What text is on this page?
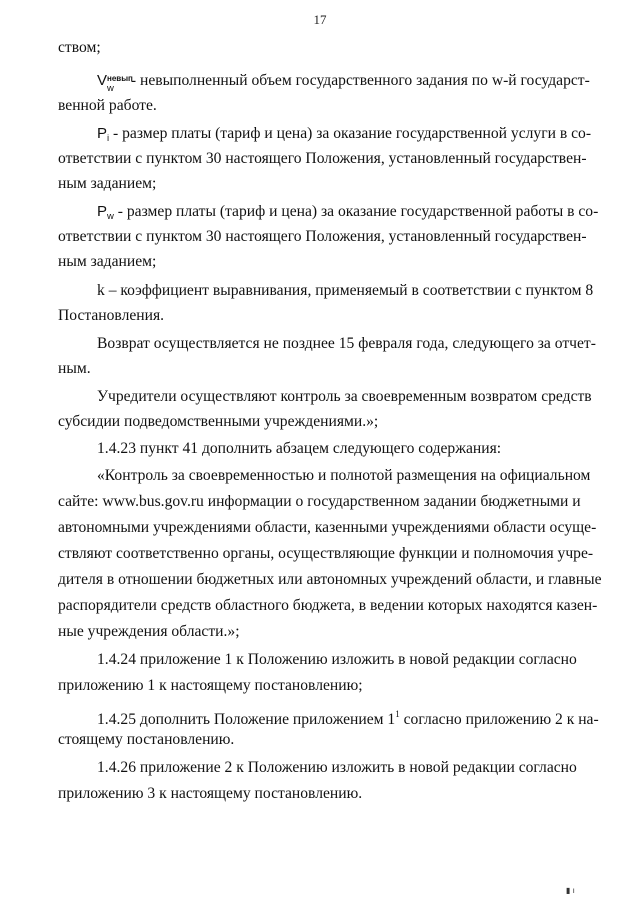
17
ством;
V невып
w - невыполненный объем государственного задания по w-й государст-
венной работе.
$P_i$ - размер платы (тариф и цена) за оказание государственной услуги в со-
ответствии с пунктом 30 настоящего Положения, установленный государствен-
ным заданием;
$P_w$ - размер платы (тариф и цена) за оказание государственной работы в со-
ответствии с пунктом 30 настоящего Положения, установленный государствен-
ным заданием;
k – коэффициент выравнивания, применяемый в соответствии с пунктом 8
Постановления.
Возврат осуществляется не позднее 15 февраля года, следующего за отчет-
ным.
Учредители осуществляют контроль за своевременным возвратом средств
субсидии подведомственными учреждениями.»;
1.4.23 пункт 41 дополнить абзацем следующего содержания:
«Контроль за своевременностью и полнотой размещения на официальном
сайте: www.bus.gov.ru информации о государственном задании бюджетными и
автономными учреждениями области, казенными учреждениями области осуще-
ствляют соответственно органы, осуществляющие функции и полномочия учре-
дителя в отношении бюджетных или автономных учреждений области, и главные
распорядители средств областного бюджета, в ведении которых находятся казен-
ные учреждения области.»;
1.4.24 приложение 1 к Положению изложить в новой редакции согласно
приложению 1 к настоящему постановлению;
1.4.25 дополнить Положение приложением $1^1$ согласно приложению 2 к на-
стоящему постановлению.
1.4.26 приложение 2 к Положению изложить в новой редакции согласно
приложению 3 к настоящему постановлению.
▮ ı
